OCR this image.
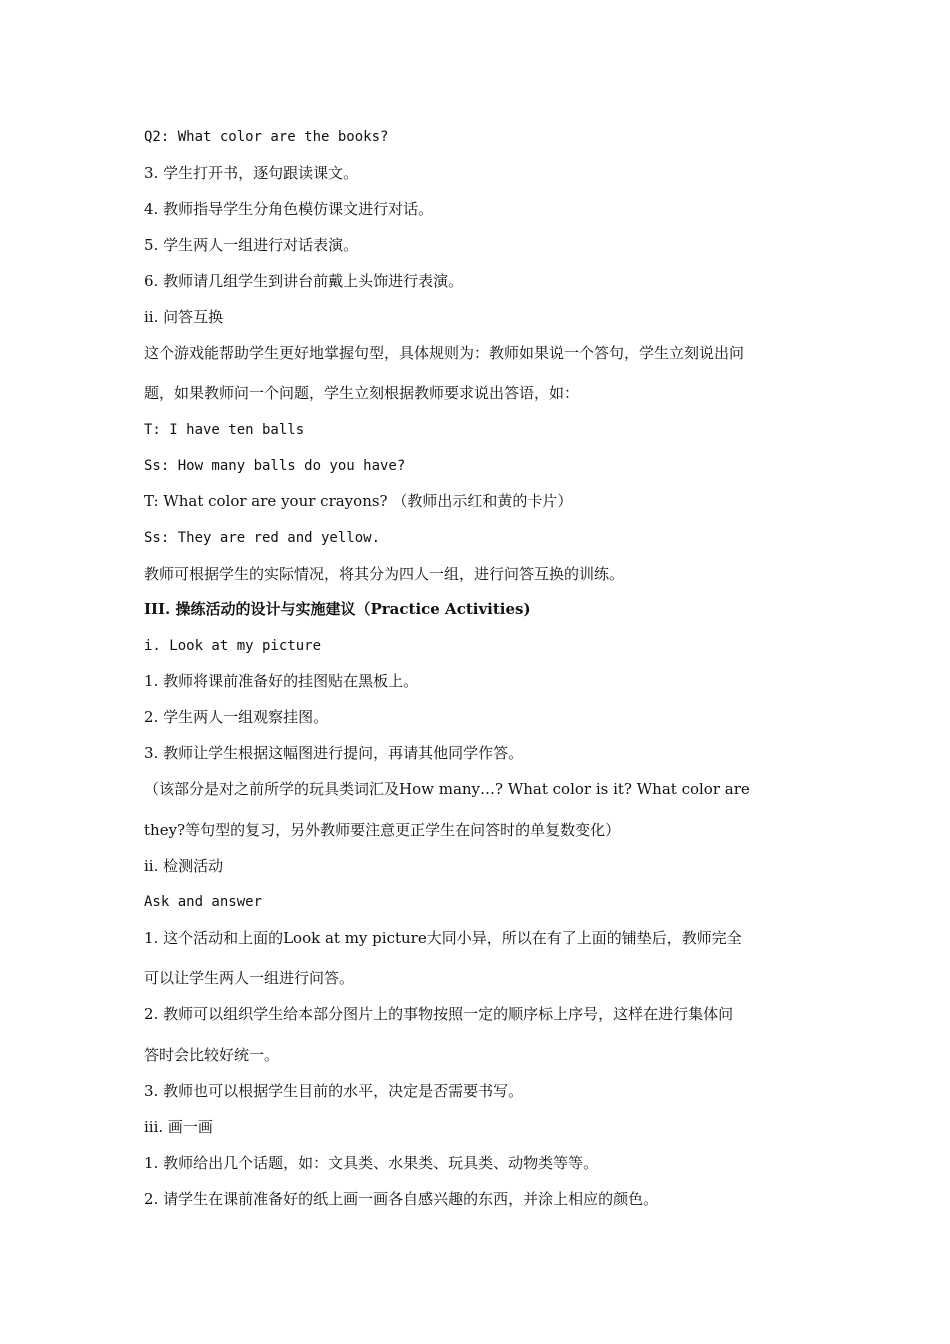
Q2: What color are the books?
3. 学生打开书，逐句跟读课文。
4. 教师指导学生分角色模仿课文进行对话。
5. 学生两人一组进行对话表演。
6. 教师请几组学生到讲台前戴上头饰进行表演。
ii. 问答互换
这个游戏能帮助学生更好地掌握句型，具体规则为：教师如果说一个答句，学生立刻说出问
题，如果教师问一个问题，学生立刻根据教师要求说出答语，如：
T: I have ten balls
Ss: How many balls do you have?
T: What color are your crayons? （教师出示红和黄的卡片）
Ss: They are red and yellow.
教师可根据学生的实际情况，将其分为四人一组，进行问答互换的训练。
III. 操练活动的设计与实施建议（Practice Activities)
i. Look at my picture
1. 教师将课前准备好的挂图贴在黑板上。
2. 学生两人一组观察挂图。
3. 教师让学生根据这幅图进行提问，再请其他同学作答。
（该部分是对之前所学的玩具类词汇及How many…? What color is it? What color are
they?等句型的复习，另外教师要注意更正学生在问答时的单复数变化）
ii. 检测活动
Ask and answer
1. 这个活动和上面的Look at my picture大同小异，所以在有了上面的铺垫后，教师完全
可以让学生两人一组进行问答。
2. 教师可以组织学生给本部分图片上的事物按照一定的顺序标上序号，这样在进行集体问
答时会比较好统一。
3. 教师也可以根据学生目前的水平，决定是否需要书写。
iii. 画一画
1. 教师给出几个话题，如：文具类、水果类、玩具类、动物类等等。
2. 请学生在课前准备好的纸上画一画各自感兴趣的东西，并涂上相应的颜色。
